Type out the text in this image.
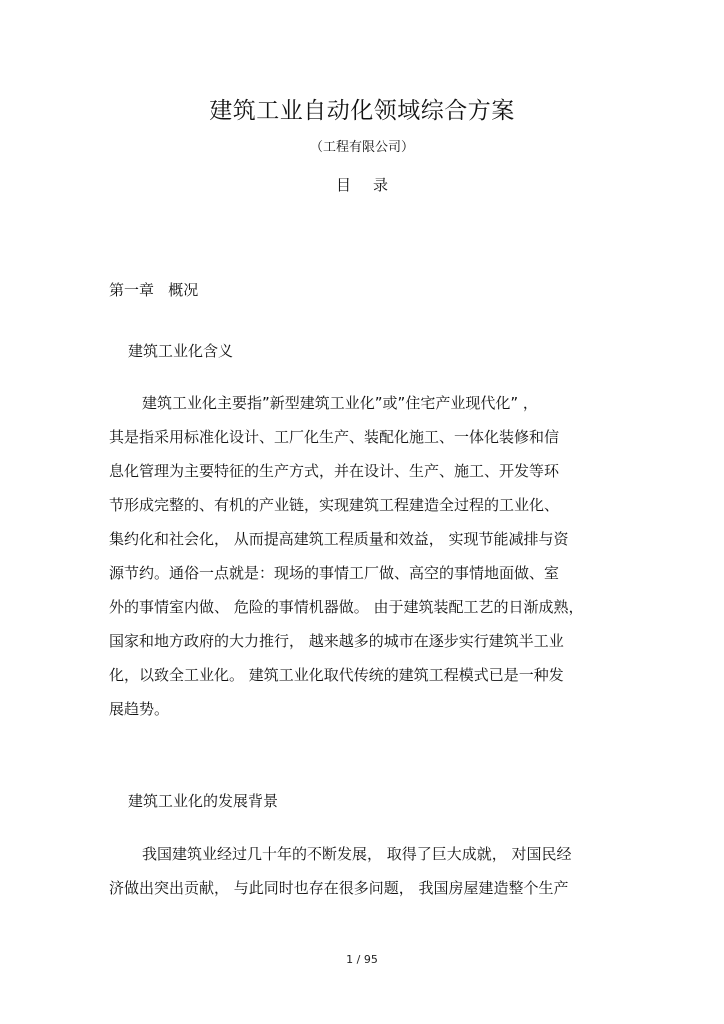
建筑工业自动化领域综合方案
（工程有限公司）
目录
第一章   概况
建筑工业化含义
建筑工业化主要指”新型建筑工业化”或”住宅产业现代化” ，
其是指采用标准化设计、工厂化生产、装配化施工、一体化装修和信
息化管理为主要特征的生产方式，并在设计、生产、施工、开发等环
节形成完整的、有机的产业链，实现建筑工程建造全过程的工业化、
集约化和社会化， 从而提高建筑工程质量和效益， 实现节能减排与资
源节约。通俗一点就是：现场的事情工厂做、高空的事情地面做、室
外的事情室内做、 危险的事情机器做。 由于建筑装配工艺的日渐成熟，
国家和地方政府的大力推行， 越来越多的城市在逐步实行建筑半工业
化，以致全工业化。 建筑工业化取代传统的建筑工程模式已是一种发
展趋势。
建筑工业化的发展背景
我国建筑业经过几十年的不断发展， 取得了巨大成就， 对国民经
济做出突出贡献， 与此同时也存在很多问题， 我国房屋建造整个生产
1 / 95
